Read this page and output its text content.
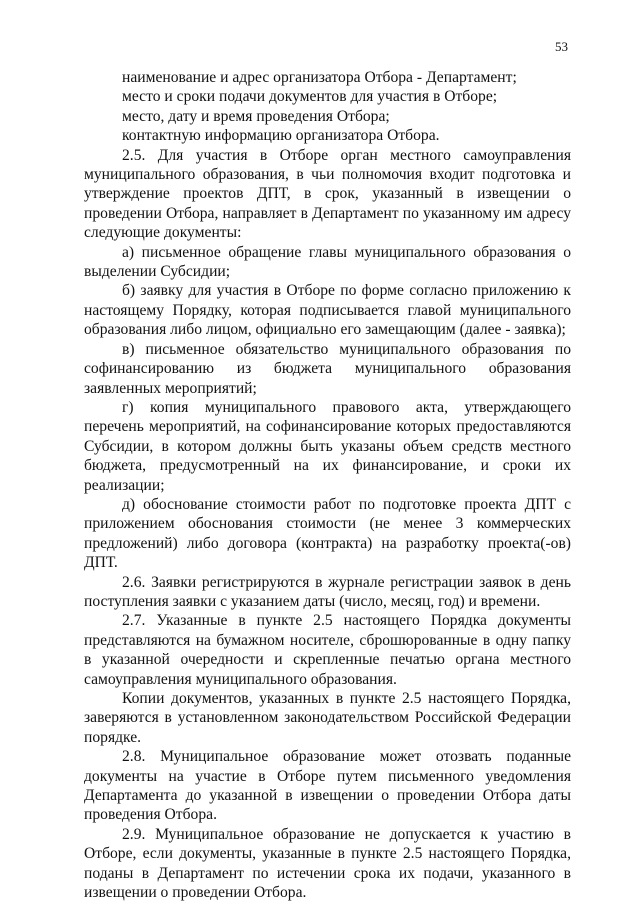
53

наименование и адрес организатора Отбора - Департамент;

место и сроки подачи документов для участия в Отборе;

место, дату и время проведения Отбора;

контактную информацию организатора Отбора.

2.5. Для участия в Отборе орган местного самоуправления муниципального образования, в чьи полномочия входит подготовка и утверждение проектов ДПТ, в срок, указанный в извещении о проведении Отбора, направляет в Департамент по указанному им адресу следующие документы:

а) письменное обращение главы муниципального образования о выделении Субсидии;

б) заявку для участия в Отборе по форме согласно приложению к настоящему Порядку, которая подписывается главой муниципального образования либо лицом, официально его замещающим (далее - заявка);

в) письменное обязательство муниципального образования по софинансированию из бюджета муниципального образования заявленных мероприятий;

г) копия муниципального правового акта, утверждающего перечень мероприятий, на софинансирование которых предоставляются Субсидии, в котором должны быть указаны объем средств местного бюджета, предусмотренный на их финансирование, и сроки их реализации;

д) обоснование стоимости работ по подготовке проекта ДПТ с приложением обоснования стоимости (не менее 3 коммерческих предложений) либо договора (контракта) на разработку проекта(-ов) ДПТ.

2.6. Заявки регистрируются в журнале регистрации заявок в день поступления заявки с указанием даты (число, месяц, год) и времени.

2.7. Указанные в пункте 2.5 настоящего Порядка документы представляются на бумажном носителе, сброшюрованные в одну папку в указанной очередности и скрепленные печатью органа местного самоуправления муниципального образования.

Копии документов, указанных в пункте 2.5 настоящего Порядка, заверяются в установленном законодательством Российской Федерации порядке.

2.8. Муниципальное образование может отозвать поданные документы на участие в Отборе путем письменного уведомления Департамента до указанной в извещении о проведении Отбора даты проведения Отбора.

2.9. Муниципальное образование не допускается к участию в Отборе, если документы, указанные в пункте 2.5 настоящего Порядка, поданы в Департамент по истечении срока их подачи, указанного в извещении о проведении Отбора.
